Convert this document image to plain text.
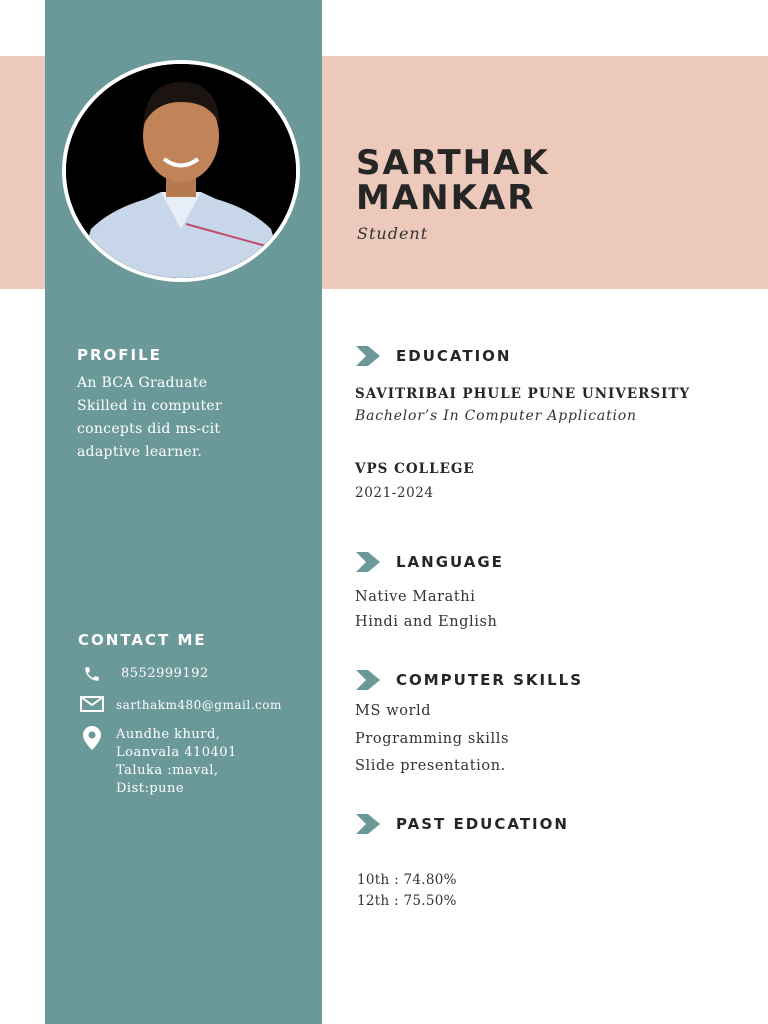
SARTHAK
MANKAR
Student
PROFILE
An BCA Graduate
Skilled in computer
concepts did ms-cit
adaptive learner.
CONTACT ME
8552999192
sarthakm480@gmail.com
Aundhe khurd,
Loanvala 410401
Taluka :maval,
Dist:pune
EDUCATION
SAVITRIBAI PHULE PUNE UNIVERSITY
Bachelor’s In Computer Application
VPS COLLEGE
2021-2024
LANGUAGE
Native Marathi
Hindi and English
COMPUTER SKILLS
MS world
Programming skills
Slide presentation.
PAST EDUCATION
10th : 74.80%
12th : 75.50%
